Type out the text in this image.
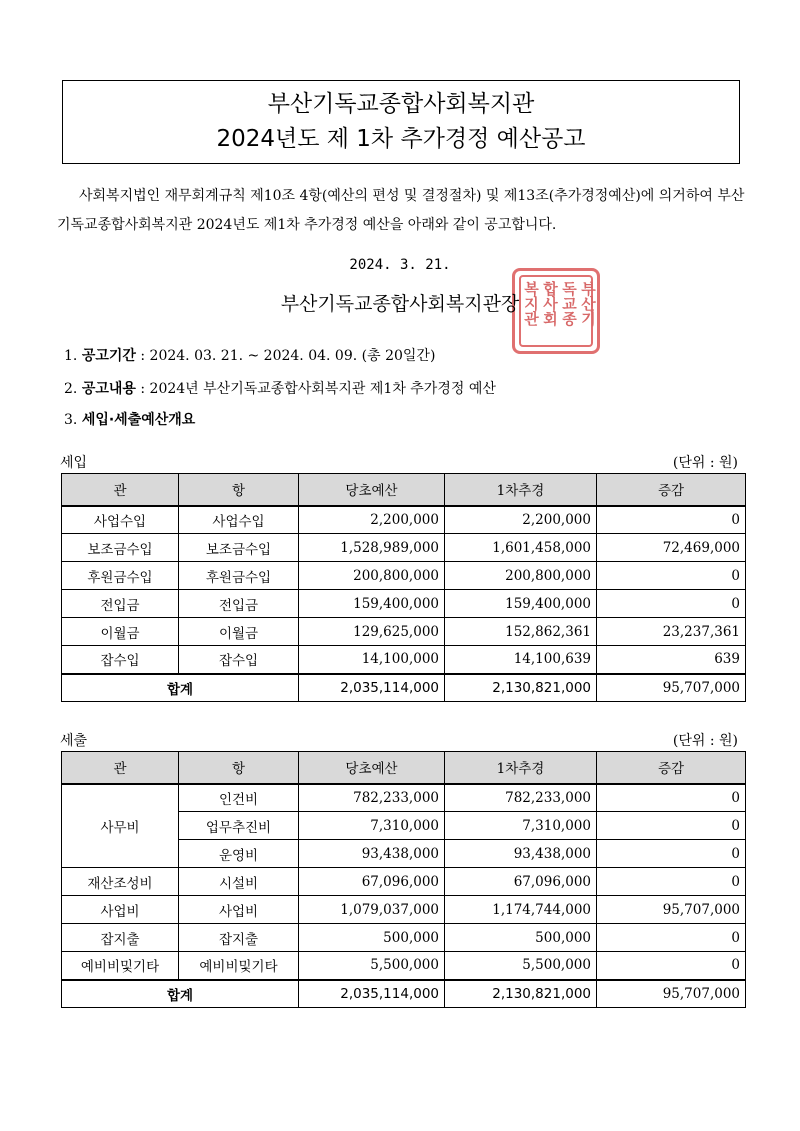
부산기독교종합사회복지관
2024년도 제 1차 추가경정 예산공고
사회복지법인 재무회계규칙 제10조 4항(예산의 편성 및 결정절차) 및 제13조(추가경정예산)에 의거하여 부산기독교종합사회복지관 2024년도 제1차 추가경정 예산을 아래와 같이 공고합니다.
2024. 3. 21.
부산기
독교종
합사회
복지관
부산기독교종합사회복지관장
1. 공고기간 : 2024. 03. 21. ~ 2024. 04. 09. (총 20일간)
2. 공고내용 : 2024년 부산기독교종합사회복지관 제1차 추가경정 예산
3. 세입·세출예산개요
세입	(단위 : 원)
관	항	당초예산	1차추경	증감
사업수입	사업수입	2,200,000	2,200,000	0
보조금수입	보조금수입	1,528,989,000	1,601,458,000	72,469,000
후원금수입	후원금수입	200,800,000	200,800,000	0
전입금	전입금	159,400,000	159,400,000	0
이월금	이월금	129,625,000	152,862,361	23,237,361
잡수입	잡수입	14,100,000	14,100,639	639
합계		2,035,114,000	2,130,821,000	95,707,000
세출	(단위 : 원)
관	항	당초예산	1차추경	증감
사무비	인건비	782,233,000	782,233,000	0
	업무추진비	7,310,000	7,310,000	0
	운영비	93,438,000	93,438,000	0
재산조성비	시설비	67,096,000	67,096,000	0
사업비	사업비	1,079,037,000	1,174,744,000	95,707,000
잡지출	잡지출	500,000	500,000	0
예비비및기타	예비비및기타	5,500,000	5,500,000	0
합계		2,035,114,000	2,130,821,000	95,707,000
